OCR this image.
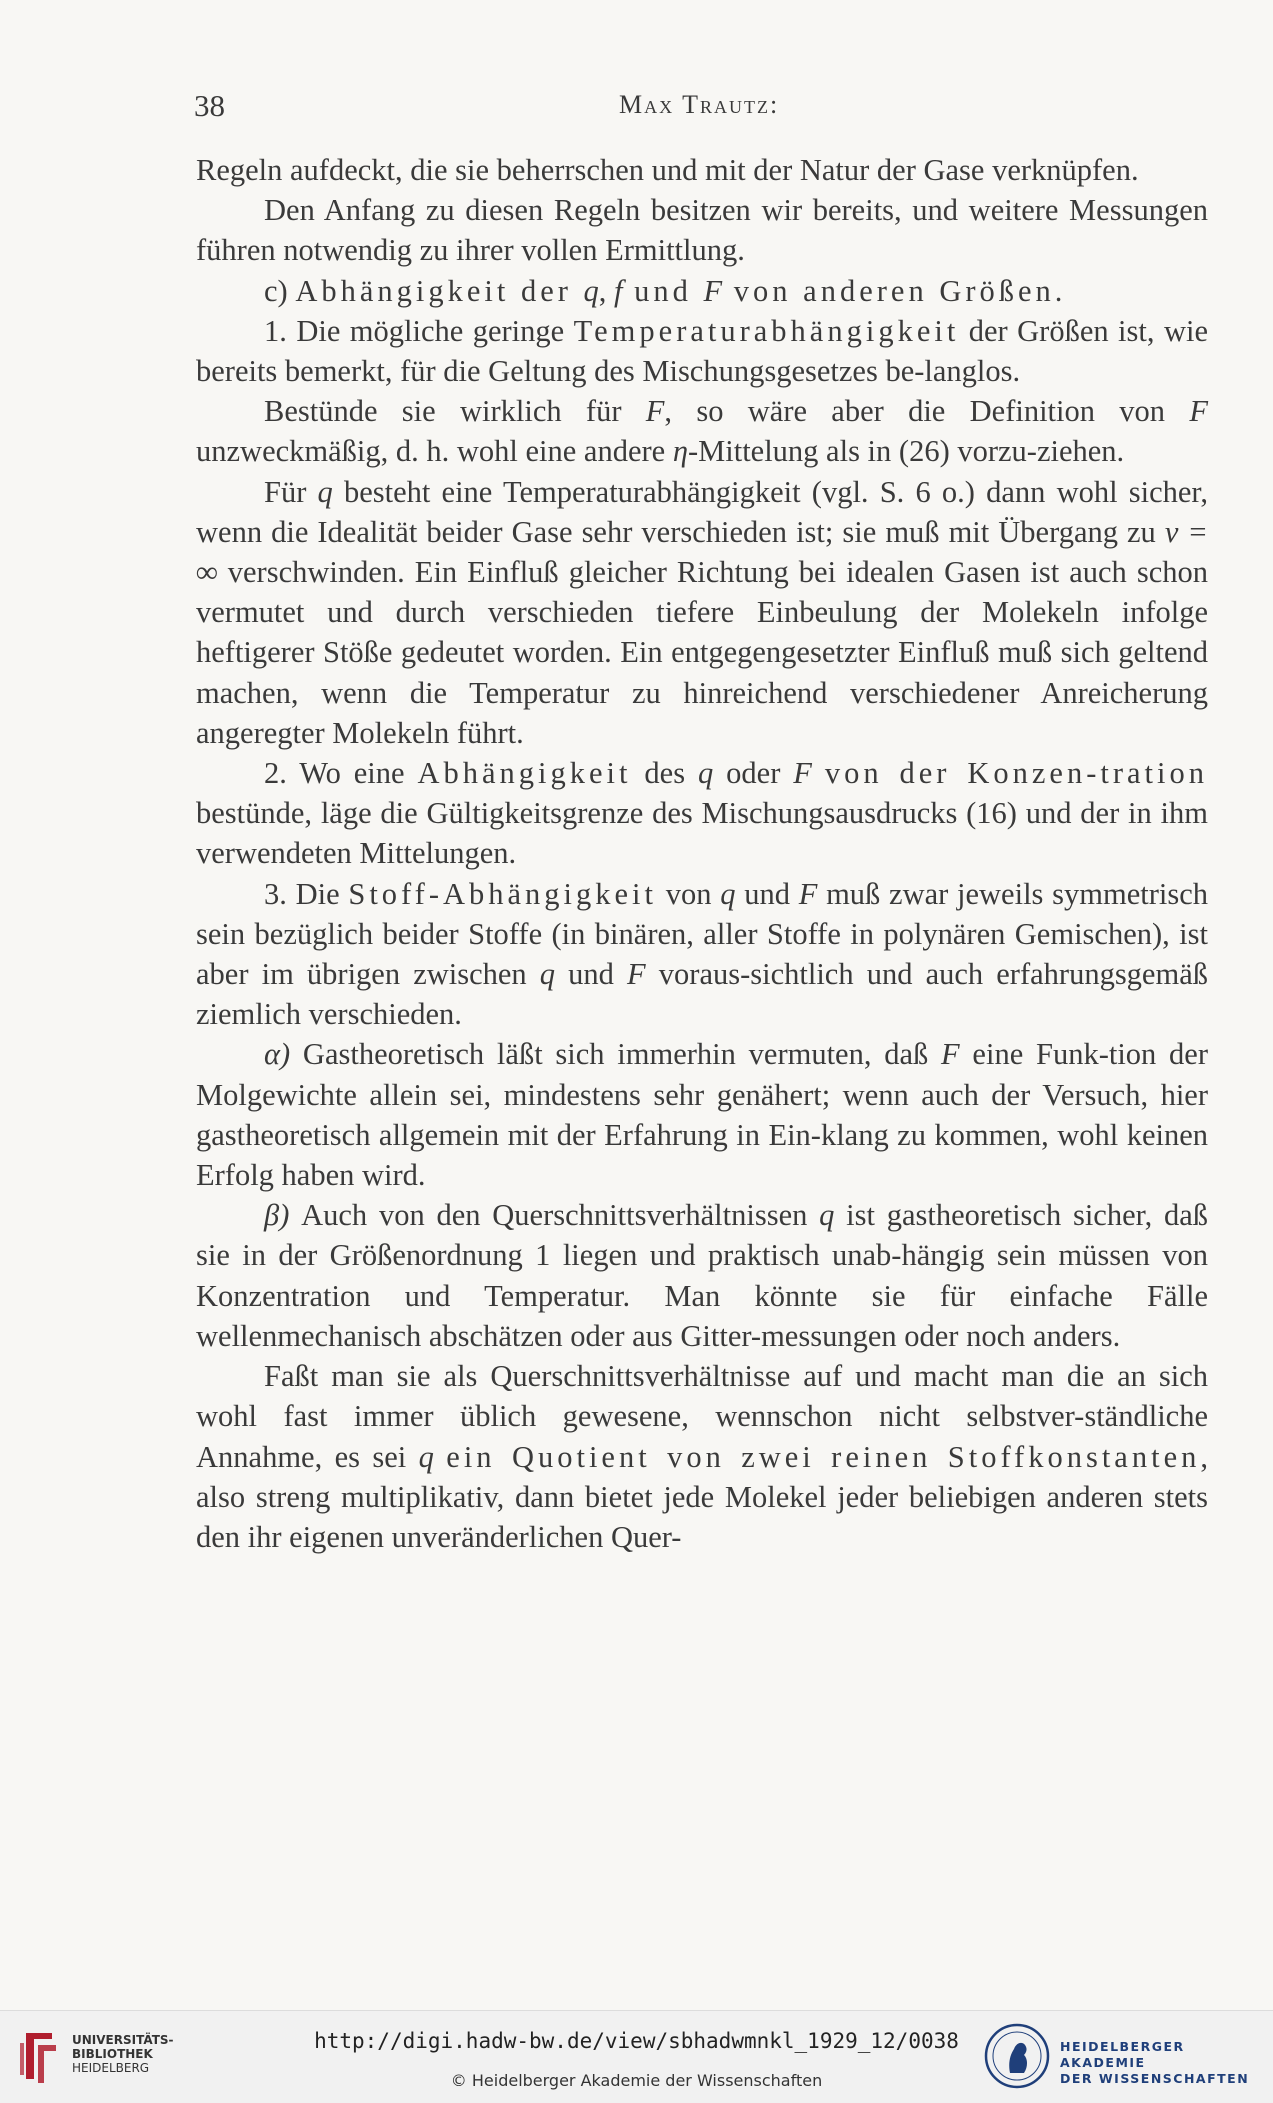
38	Max Trautz:

Regeln aufdeckt, die sie beherrschen und mit der Natur der Gase verknüpfen.

Den Anfang zu diesen Regeln besitzen wir bereits, und weitere Messungen führen notwendig zu ihrer vollen Ermittlung.

c) Abhängigkeit der q, f und F von anderen Größen.

1. Die mögliche geringe Temperaturabhängigkeit der Größen ist, wie bereits bemerkt, für die Geltung des Mischungsgesetzes be-langlos.

Bestünde sie wirklich für F, so wäre aber die Definition von F unzweckmäßig, d. h. wohl eine andere η-Mittelung als in (26) vorzu-ziehen.

Für q besteht eine Temperaturabhängigkeit (vgl. S. 6 o.) dann wohl sicher, wenn die Idealität beider Gase sehr verschieden ist; sie muß mit Übergang zu v = ∞ verschwinden. Ein Einfluß gleicher Richtung bei idealen Gasen ist auch schon vermutet und durch verschieden tiefere Einbeulung der Molekeln infolge heftigerer Stöße gedeutet worden. Ein entgegengesetzter Einfluß muß sich geltend machen, wenn die Temperatur zu hinreichend verschiedener Anreicherung angeregter Molekeln führt.

2. Wo eine Abhängigkeit des q oder F von der Konzen-tration bestünde, läge die Gültigkeitsgrenze des Mischungsausdrucks (16) und der in ihm verwendeten Mittelungen.

3. Die Stoff-Abhängigkeit von q und F muß zwar jeweils symmetrisch sein bezüglich beider Stoffe (in binären, aller Stoffe in polynären Gemischen), ist aber im übrigen zwischen q und F voraus-sichtlich und auch erfahrungsgemäß ziemlich verschieden.

α) Gastheoretisch läßt sich immerhin vermuten, daß F eine Funk-tion der Molgewichte allein sei, mindestens sehr genähert; wenn auch der Versuch, hier gastheoretisch allgemein mit der Erfahrung in Ein-klang zu kommen, wohl keinen Erfolg haben wird.

β) Auch von den Querschnittsverhältnissen q ist gastheoretisch sicher, daß sie in der Größenordnung 1 liegen und praktisch unab-hängig sein müssen von Konzentration und Temperatur. Man könnte sie für einfache Fälle wellenmechanisch abschätzen oder aus Gitter-messungen oder noch anders.

Faßt man sie als Querschnittsverhältnisse auf und macht man die an sich wohl fast immer üblich gewesene, wennschon nicht selbstver-ständliche Annahme, es sei q ein Quotient von zwei reinen Stoffkonstanten, also streng multiplikativ, dann bietet jede Molekel jeder beliebigen anderen stets den ihr eigenen unveränderlichen Quer-

UNIVERSITÄTS-
BIBLIOTHEK
HEIDELBERG
http://digi.hadw-bw.de/view/sbhadwmnkl_1929_12/0038
© Heidelberger Akademie der Wissenschaften
HEIDELBERGER AKADEMIE
DER WISSENSCHAFTEN
